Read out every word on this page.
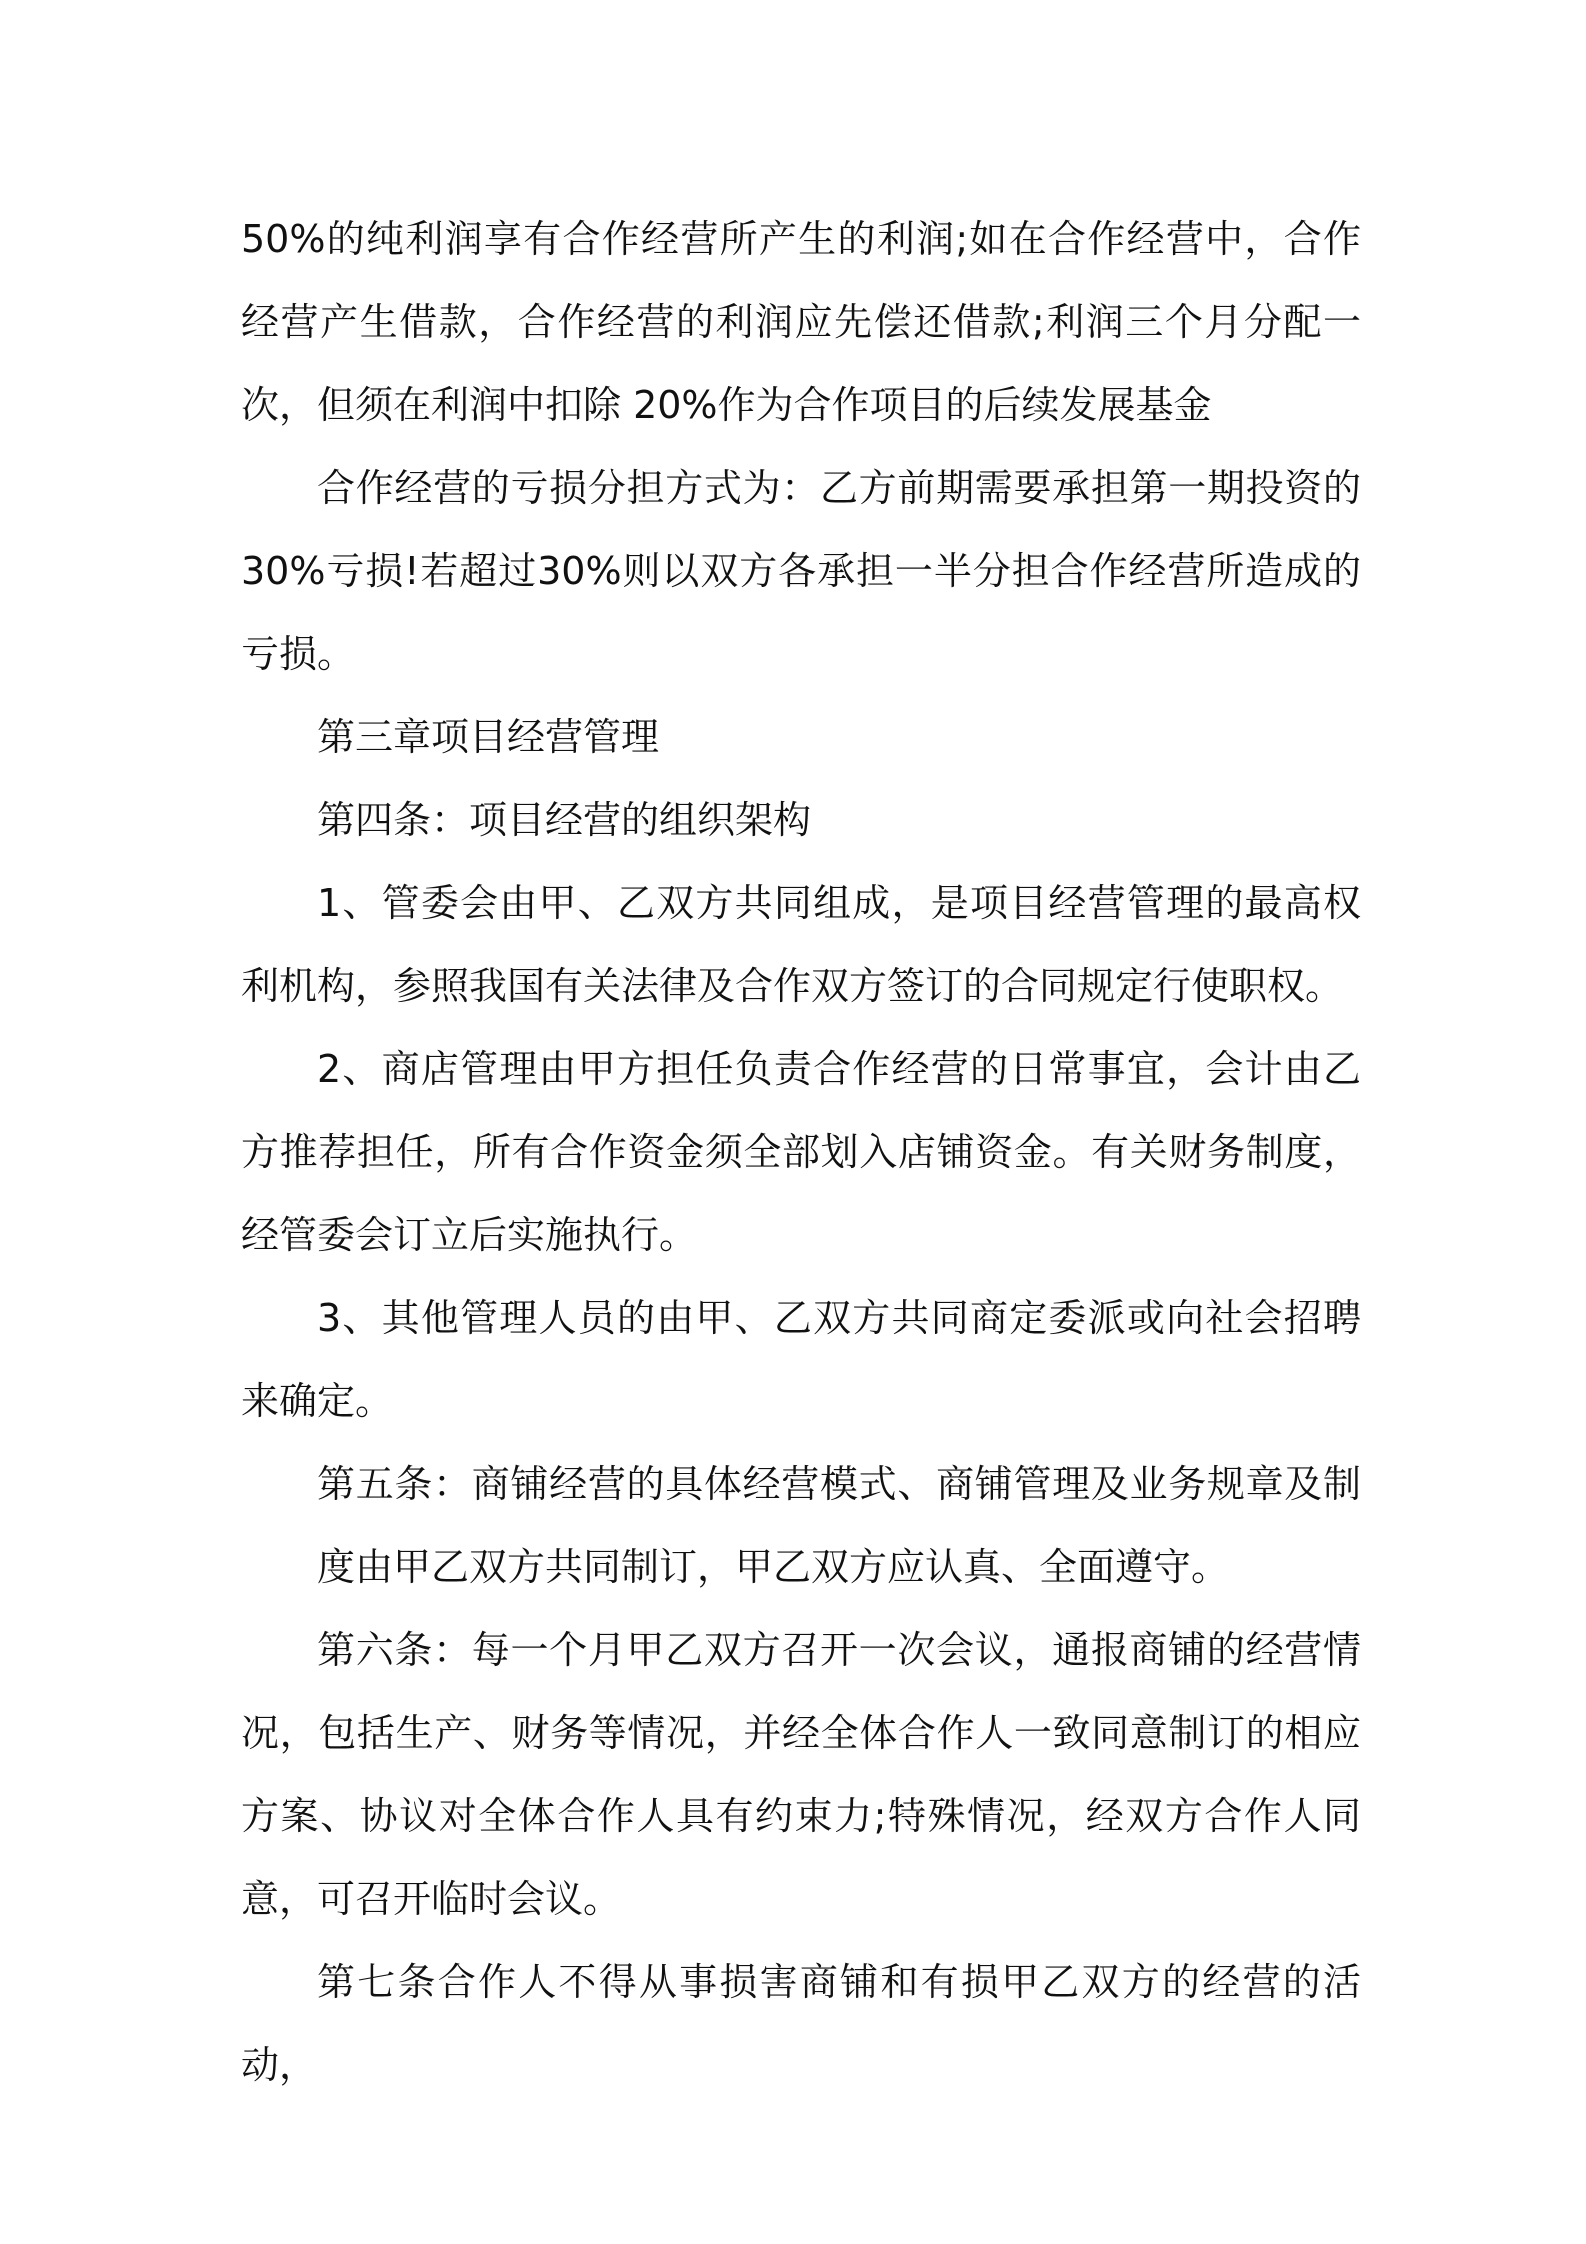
50%的纯利润享有合作经营所产生的利润;如在合作经营中，合作经营产生借款，合作经营的利润应先偿还借款;利润三个月分配一次，但须在利润中扣除 20%作为合作项目的后续发展基金

合作经营的亏损分担方式为：乙方前期需要承担第一期投资的30%亏损!若超过30%则以双方各承担一半分担合作经营所造成的亏损。

第三章项目经营管理

第四条：项目经营的组织架构

1、管委会由甲、乙双方共同组成，是项目经营管理的最高权利机构，参照我国有关法律及合作双方签订的合同规定行使职权。

2、商店管理由甲方担任负责合作经营的日常事宜，会计由乙方推荐担任，所有合作资金须全部划入店铺资金。有关财务制度，经管委会订立后实施执行。

3、其他管理人员的由甲、乙双方共同商定委派或向社会招聘来确定。

第五条：商铺经营的具体经营模式、商铺管理及业务规章及制度由甲乙双方共同制订，甲乙双方应认真、全面遵守。

第六条：每一个月甲乙双方召开一次会议，通报商铺的经营情况，包括生产、财务等情况，并经全体合作人一致同意制订的相应方案、协议对全体合作人具有约束力;特殊情况，经双方合作人同意，可召开临时会议。

第七条合作人不得从事损害商铺和有损甲乙双方的经营的活动，
